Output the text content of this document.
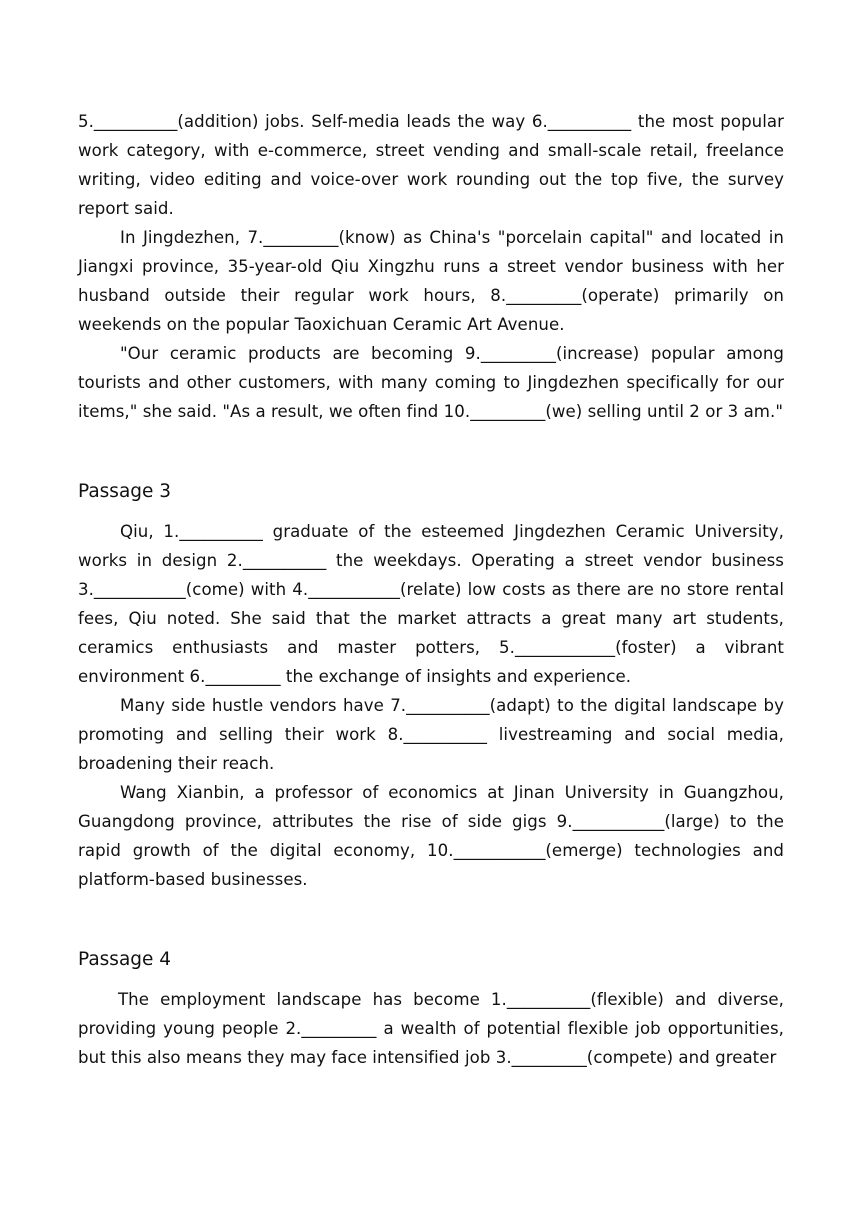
5.__________(addition) jobs. Self-media leads the way 6.__________ the most popular work category, with e-commerce, street vending and small-scale retail, freelance writing, video editing and voice-over work rounding out the top five, the survey report said.

In Jingdezhen, 7._________(know) as China's "porcelain capital" and located in Jiangxi province, 35-year-old Qiu Xingzhu runs a street vendor business with her husband outside their regular work hours, 8._________(operate) primarily on weekends on the popular Taoxichuan Ceramic Art Avenue.

"Our ceramic products are becoming 9._________(increase) popular among tourists and other customers, with many coming to Jingdezhen specifically for our items," she said. "As a result, we often find 10._________(we) selling until 2 or 3 am."

Passage 3

Qiu, 1.__________ graduate of the esteemed Jingdezhen Ceramic University, works in design 2.__________ the weekdays. Operating a street vendor business 3.___________(come) with 4.___________(relate) low costs as there are no store rental fees, Qiu noted. She said that the market attracts a great many art students, ceramics enthusiasts and master potters, 5.____________(foster) a vibrant environment 6._________ the exchange of insights and experience.

Many side hustle vendors have 7.__________(adapt) to the digital landscape by promoting and selling their work 8.__________ livestreaming and social media, broadening their reach.

Wang Xianbin, a professor of economics at Jinan University in Guangzhou, Guangdong province, attributes the rise of side gigs 9.___________(large) to the rapid growth of the digital economy, 10.___________(emerge) technologies and platform-based businesses.

Passage 4

The employment landscape has become 1.__________(flexible) and diverse, providing young people 2._________ a wealth of potential flexible job opportunities, but this also means they may face intensified job 3._________(compete) and greater
